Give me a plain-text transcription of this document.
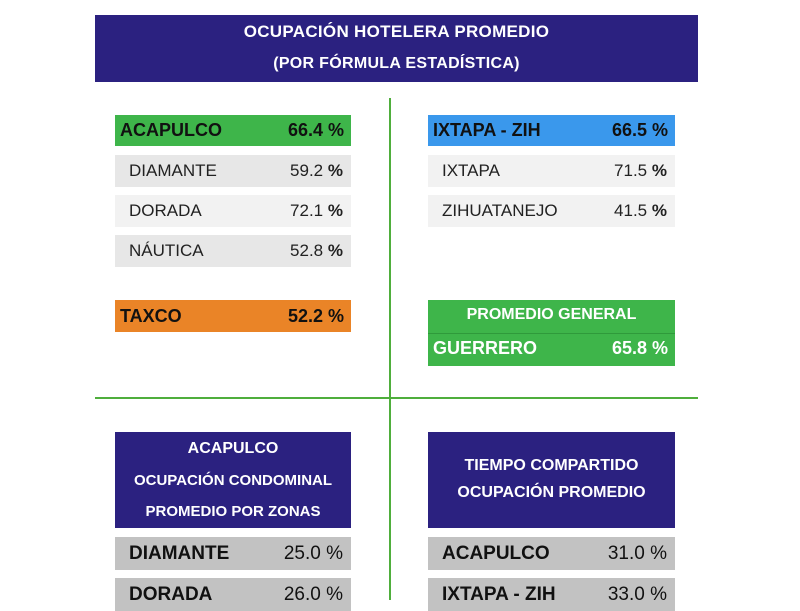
OCUPACIÓN HOTELERA PROMEDIO
(POR FÓRMULA ESTADÍSTICA)
ACAPULCO	66.4 %
DIAMANTE	59.2 %
DORADA	72.1 %
NÁUTICA	52.8 %
TAXCO	52.2 %
IXTAPA - ZIH	66.5 %
IXTAPA	71.5 %
ZIHUATANEJO	41.5 %
PROMEDIO GENERAL
GUERRERO	65.8 %
ACAPULCO
OCUPACIÓN CONDOMINAL
PROMEDIO POR ZONAS
DIAMANTE	25.0 %
DORADA	26.0 %
TIEMPO COMPARTIDO
OCUPACIÓN PROMEDIO
ACAPULCO	31.0 %
IXTAPA - ZIH	33.0 %
